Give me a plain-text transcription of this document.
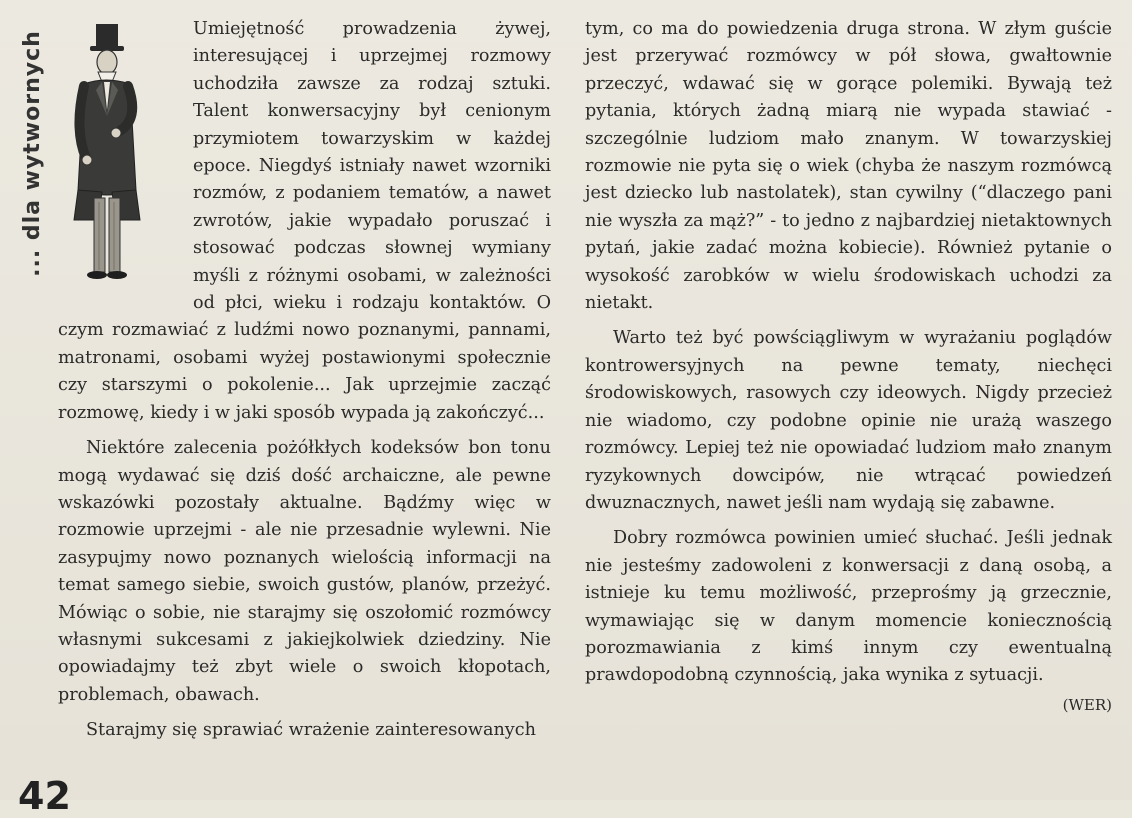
... dla wytwornych

Umiejętność prowadzenia żywej, interesującej i uprzejmej rozmowy uchodziła zawsze za rodzaj sztuki. Talent konwersacyjny był cenionym przymiotem towarzyskim w każdej epoce. Niegdyś istniały nawet wzorniki rozmów, z podaniem tematów, a nawet zwrotów, jakie wypadało poruszać i stosować podczas słownej wymiany myśli z różnymi osobami, w zależności od płci, wieku i rodzaju kontaktów. O czym rozmawiać z ludźmi nowo poznanymi, pannami, matronami, osobami wyżej postawionymi społecznie czy starszymi o pokolenie... Jak uprzejmie zacząć rozmowę, kiedy i w jaki sposób wypada ją zakończyć...

Niektóre zalecenia pożółkłych kodeksów bon tonu mogą wydawać się dziś dość archaiczne, ale pewne wskazówki pozostały aktualne. Bądźmy więc w rozmowie uprzejmi - ale nie przesadnie wylewni. Nie zasypujmy nowo poznanych wielością informacji na temat samego siebie, swoich gustów, planów, przeżyć. Mówiąc o sobie, nie starajmy się oszołomić rozmówcy własnymi sukcesami z jakiejkolwiek dziedziny. Nie opowiadajmy też zbyt wiele o swoich kłopotach, problemach, obawach.

Starajmy się sprawiać wrażenie zainteresowanych

tym, co ma do powiedzenia druga strona. W złym guście jest przerywać rozmówcy w pół słowa, gwałtownie przeczyć, wdawać się w gorące polemiki. Bywają też pytania, których żadną miarą nie wypada stawiać - szczególnie ludziom mało znanym. W towarzyskiej rozmowie nie pyta się o wiek (chyba że naszym rozmówcą jest dziecko lub nastolatek), stan cywilny (“dlaczego pani nie wyszła za mąż?” - to jedno z najbardziej nietaktownych pytań, jakie zadać można kobiecie). Również pytanie o wysokość zarobków w wielu środowiskach uchodzi za nietakt.

Warto też być powściągliwym w wyrażaniu poglądów kontrowersyjnych na pewne tematy, niechęci środowiskowych, rasowych czy ideowych. Nigdy przecież nie wiadomo, czy podobne opinie nie urażą waszego rozmówcy. Lepiej też nie opowiadać ludziom mało znanym ryzykownych dowcipów, nie wtrącać powiedzeń dwuznacznych, nawet jeśli nam wydają się zabawne.

Dobry rozmówca powinien umieć słuchać. Jeśli jednak nie jesteśmy zadowoleni z konwersacji z daną osobą, a istnieje ku temu możliwość, przeprośmy ją grzecznie, wymawiając się w danym momencie koniecznością porozmawiania z kimś innym czy ewentualną prawdopodobną czynnością, jaka wynika z sytuacji.
(WER)

42
